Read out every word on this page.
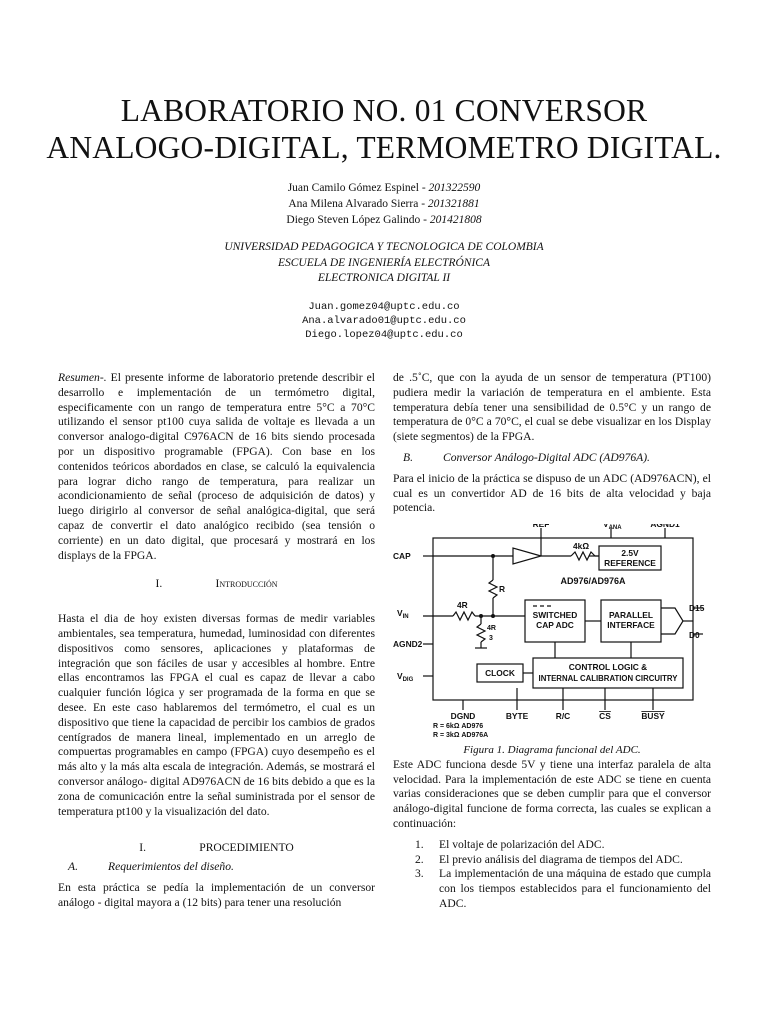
LABORATORIO NO. 01 CONVERSOR
ANALOGO-DIGITAL, TERMOMETRO DIGITAL.
Juan Camilo Gómez Espinel - 201322590
Ana Milena Alvarado Sierra - 201321881
Diego Steven López Galindo - 201421808
UNIVERSIDAD PEDAGOGICA Y TECNOLOGICA DE COLOMBIA
ESCUELA DE INGENIERÍA ELECTRÓNICA
ELECTRONICA DIGITAL II
Juan.gomez04@uptc.edu.co
Ana.alvarado01@uptc.edu.co
Diego.lopez04@uptc.edu.co

Resumen-. El presente informe de laboratorio pretende describir el desarrollo e implementación de un termómetro digital, especificamente con un rango de temperatura entre 5°C a 70°C utilizando el sensor pt100 cuya salida de voltaje es llevada a un conversor analogo-digital C976ACN de 16 bits siendo procesada por un dispositivo programable (FPGA). Con base en los contenidos teóricos abordados en clase, se calculó la equivalencia para lograr dicho rango de temperatura, para realizar un acondicionamiento de señal (proceso de adquisición de datos) y luego dirigirlo al conversor de señal analógica-digital, que será capaz de convertir el dato analógico recibido (sea tensión o corriente) en un dato digital, que procesará y mostrará en los displays de la FPGA.

I.	Introducción

Hasta el dia de hoy existen diversas formas de medir variables ambientales, sea temperatura, humedad, luminosidad con diferentes dispositivos como sensores, aplicaciones y plataformas de integración que son fáciles de usar y accesibles al hombre. Entre ellas encontramos las FPGA el cual es capaz de llevar a cabo cualquier función lógica y ser programada de la forma en que se desee. En este caso hablaremos del termómetro, el cual es un dispositivo que tiene la capacidad de percibir los cambios de grados centígrados de manera lineal, implementado en un arreglo de compuertas programables en campo (FPGA) cuyo desempeño es el más alto y la más alta escala de integración. Además, se mostrará el conversor análogo- digital AD976ACN de 16 bits debido a que es la zona de comunicación entre la señal suministrada por el sensor de temperatura pt100 y la visualización del dato.

I.	PROCEDIMIENTO
A.	Requerimientos del diseño.

En esta práctica se pedía la implementación de un conversor análogo - digital mayora a (12 bits) para tener una resolución

de .5˚C, que con la ayuda de un sensor de temperatura (PT100) pudiera medir la variación de temperatura en el ambiente. Esta temperatura debía tener una sensibilidad de 0.5°C y un rango de temperatura de 0°C a 70°C, el cual se debe visualizar en los Display (siete segmentos) de la FPGA.

B.	Conversor Análogo-Digital ADC (AD976A).

Para el inicio de la práctica se dispuso de un ADC (AD976ACN), el cual es un convertidor AD de 16 bits de alta velocidad y baja potencia.

REF	$V_{ANA}$	AGND1
CAP
4kΩ
2.5V
REFERENCE
AD976/AD976A
$V_{IN}$
4R
R
4R
3
SWITCHED
CAP ADC
PARALLEL
INTERFACE
D15
D0
AGND2
CLOCK
CONTROL LOGIC &
INTERNAL CALIBRATION CIRCUITRY
$V_{DIG}$
DGND	BYTE	R/C	CS	BUSY
R = 6kΩ AD976
R = 3kΩ AD976A

Figura 1. Diagrama funcional del ADC.

Este ADC funciona desde 5V y tiene una interfaz paralela de alta velocidad. Para la implementación de este ADC se tiene en cuenta varias consideraciones que se deben cumplir para que el conversor análogo-digital funcione de forma correcta, las cuales se explican a continuación:

1. El voltaje de polarización del ADC.
2. El previo análisis del diagrama de tiempos del ADC.
3. La implementación de una máquina de estado que cumpla con los tiempos establecidos para el funcionamiento del ADC.
